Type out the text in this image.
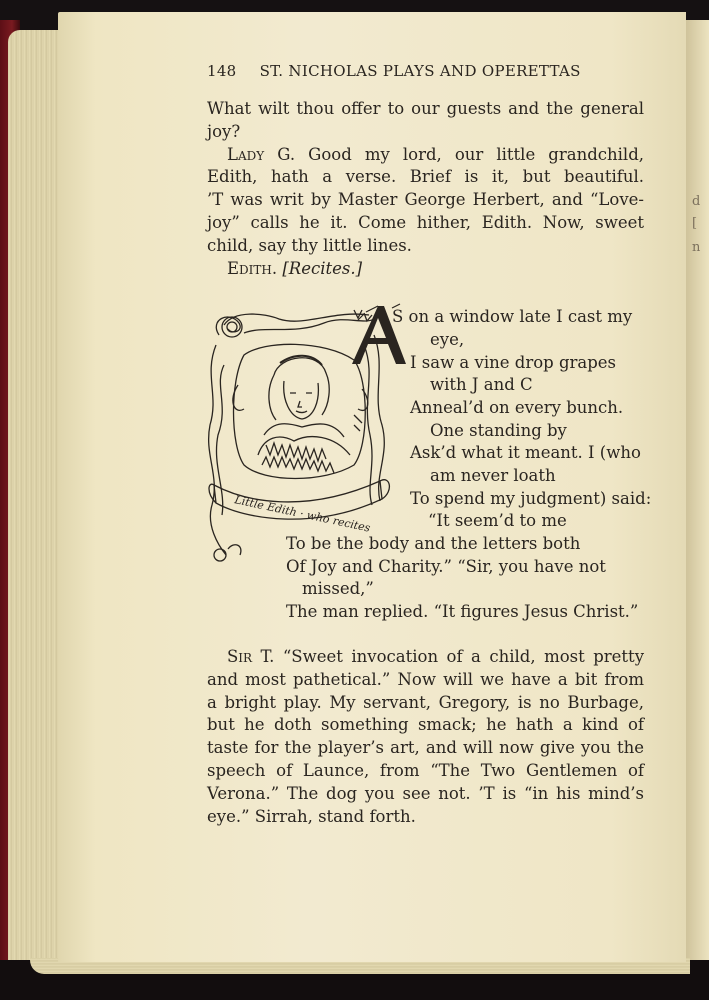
d
[
n
148 ST. NICHOLAS PLAYS AND OPERETTAS
What wilt thou offer to our guests and the general
joy?
Lady G. Good my lord, our little grandchild,
Edith, hath a verse. Brief is it, but beautiful.
’T was writ by Master George Herbert, and “Love-
joy” calls he it. Come hither, Edith. Now, sweet
child, say thy little lines.
Edith. [Recites.]
Little Edith · who recites
S on a window late I cast my
eye,
I saw a vine drop grapes
with J and C
Anneal’d on every bunch.
One standing by
Ask’d what it meant. I (who
am never loath
To spend my judgment) said:
“It seem’d to me
To be the body and the letters both
Of Joy and Charity.” “Sir, you have not
missed,”
The man replied. “It figures Jesus Christ.”
Sir T. “Sweet invocation of a child, most pretty
and most pathetical.” Now will we have a bit from
a bright play. My servant, Gregory, is no Burbage,
but he doth something smack; he hath a kind of
taste for the player’s art, and will now give you the
speech of Launce, from “The Two Gentlemen of
Verona.” The dog you see not. ’T is “in his mind’s
eye.” Sirrah, stand forth.
